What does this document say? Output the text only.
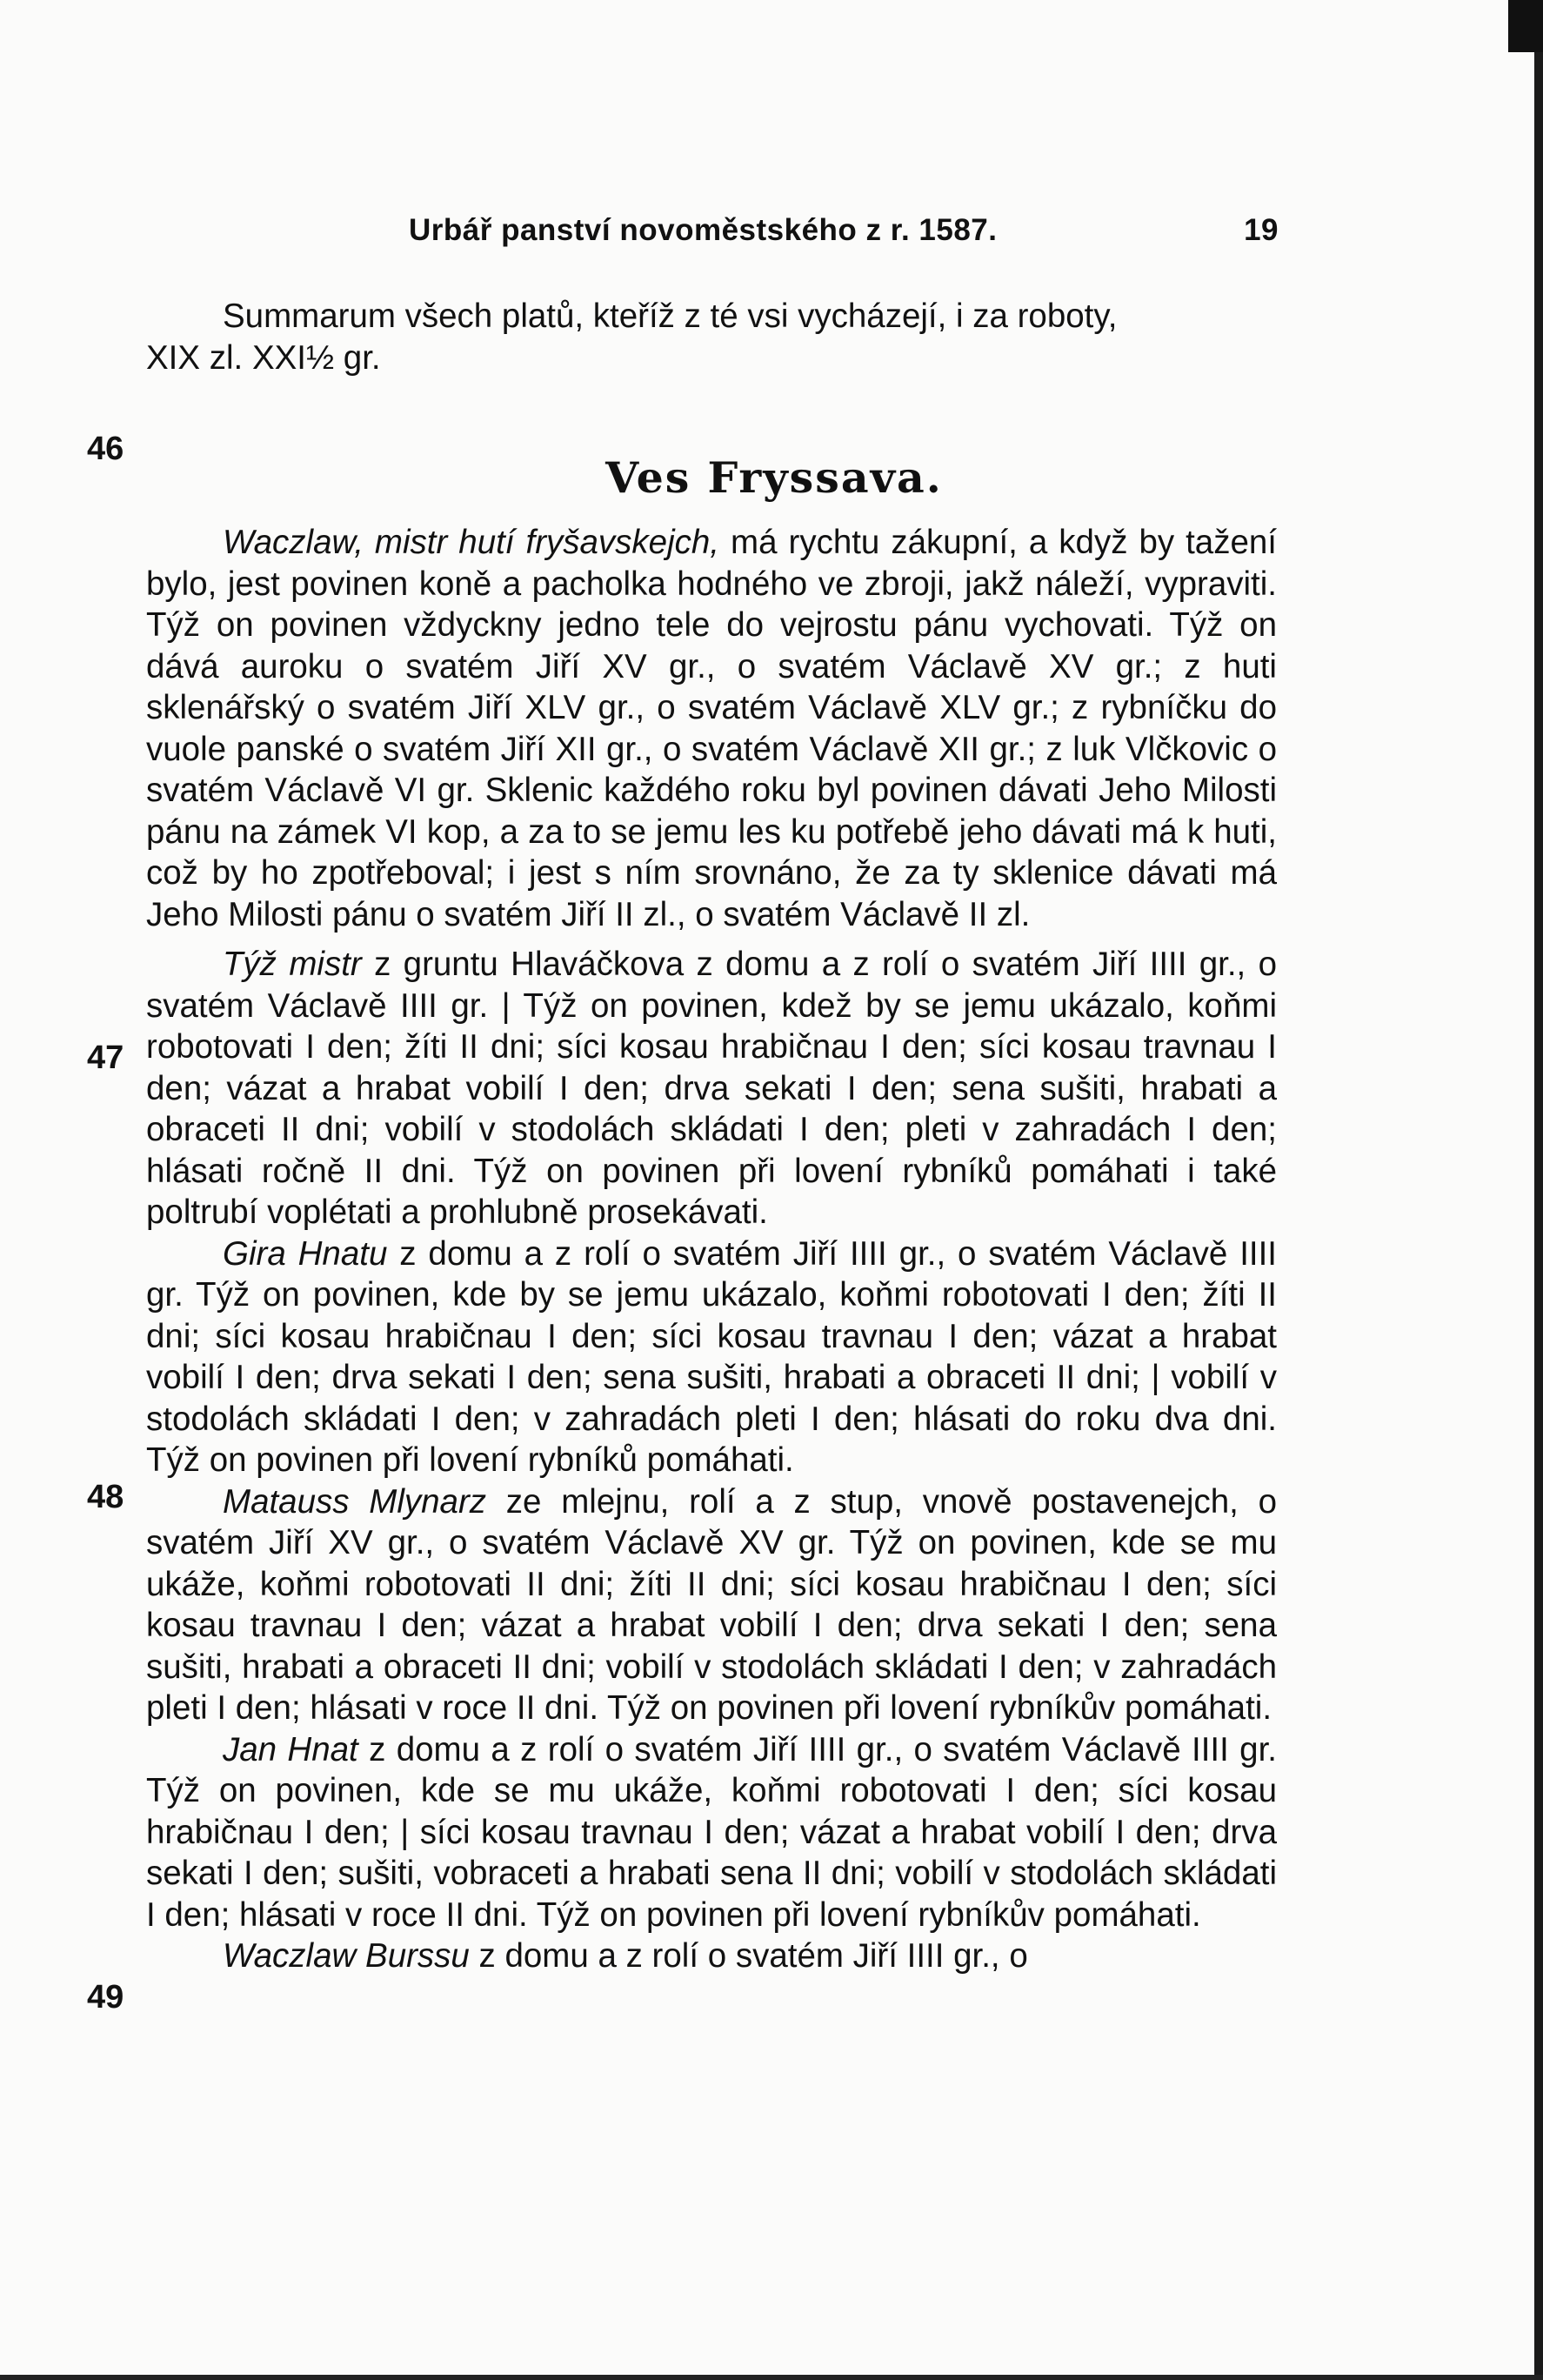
Urbář panství novoměstského z r. 1587.	19

Summarum všech platů, kteříž z té vsi vycházejí, i za roboty,

XIX zl. XXI½ gr.

46
47
48
49
Ves Fryssava.

Waczlaw, mistr hutí fryšavskejch, má rychtu zákupní, a když by tažení bylo, jest povinen koně a pacholka hodného ve zbroji, jakž náleží, vypraviti. Týž on povinen vždyckny jedno tele do vejrostu pánu vychovati. Týž on dává auroku o svatém Jiří XV gr., o svatém Václavě XV gr.; z huti sklenářský o svatém Jiří XLV gr., o svatém Václavě XLV gr.; z rybníčku do vuole panské o svatém Jiří XII gr., o svatém Václavě XII gr.; z luk Vlčkovic o svatém Václavě VI gr. Sklenic každého roku byl povinen dávati Jeho Milosti pánu na zámek VI kop, a za to se jemu les ku potřebě jeho dávati má k huti, což by ho zpotřeboval; i jest s ním srovnáno, že za ty sklenice dávati má Jeho Milosti pánu o svatém Jiří II zl., o svatém Václavě II zl.

Týž mistr z gruntu Hlaváčkova z domu a z rolí o svatém Jiří IIII gr., o svatém Václavě IIII gr. | Týž on povinen, kdež by se jemu ukázalo, koňmi robotovati I den; žíti II dni; síci kosau hrabičnau I den; síci kosau travnau I den; vázat a hrabat vobilí I den; drva sekati I den; sena sušiti, hrabati a obraceti II dni; vobilí v stodolách skládati I den; pleti v zahradách I den; hlásati ročně II dni. Týž on povinen při lovení rybníků pomáhati i také poltrubí voplétati a prohlubně prosekávati.

Gira Hnatu z domu a z rolí o svatém Jiří IIII gr., o svatém Václavě IIII gr. Týž on povinen, kde by se jemu ukázalo, koňmi robotovati I den; žíti II dni; síci kosau hrabičnau I den; síci kosau travnau I den; vázat a hrabat vobilí I den; drva sekati I den; sena sušiti, hrabati a obraceti II dni; | vobilí v stodolách skládati I den; v zahradách pleti I den; hlásati do roku dva dni. Týž on povinen při lovení rybníků pomáhati.

Matauss Mlynarz ze mlejnu, rolí a z stup, vnově postavenejch, o svatém Jiří XV gr., o svatém Václavě XV gr. Týž on povinen, kde se mu ukáže, koňmi robotovati II dni; žíti II dni; síci kosau hrabičnau I den; síci kosau travnau I den; vázat a hrabat vobilí I den; drva sekati I den; sena sušiti, hrabati a obraceti II dni; vobilí v stodolách skládati I den; v zahradách pleti I den; hlásati v roce II dni. Týž on povinen při lovení rybníkův pomáhati.

Jan Hnat z domu a z rolí o svatém Jiří IIII gr., o svatém Václavě IIII gr. Týž on povinen, kde se mu ukáže, koňmi robotovati I den; síci kosau hrabičnau I den; | síci kosau travnau I den; vázat a hrabat vobilí I den; drva sekati I den; sušiti, vobraceti a hrabati sena II dni; vobilí v stodolách skládati I den; hlásati v roce II dni. Týž on povinen při lovení rybníkův pomáhati.

Waczlaw Burssu z domu a z rolí o svatém Jiří IIII gr., o
